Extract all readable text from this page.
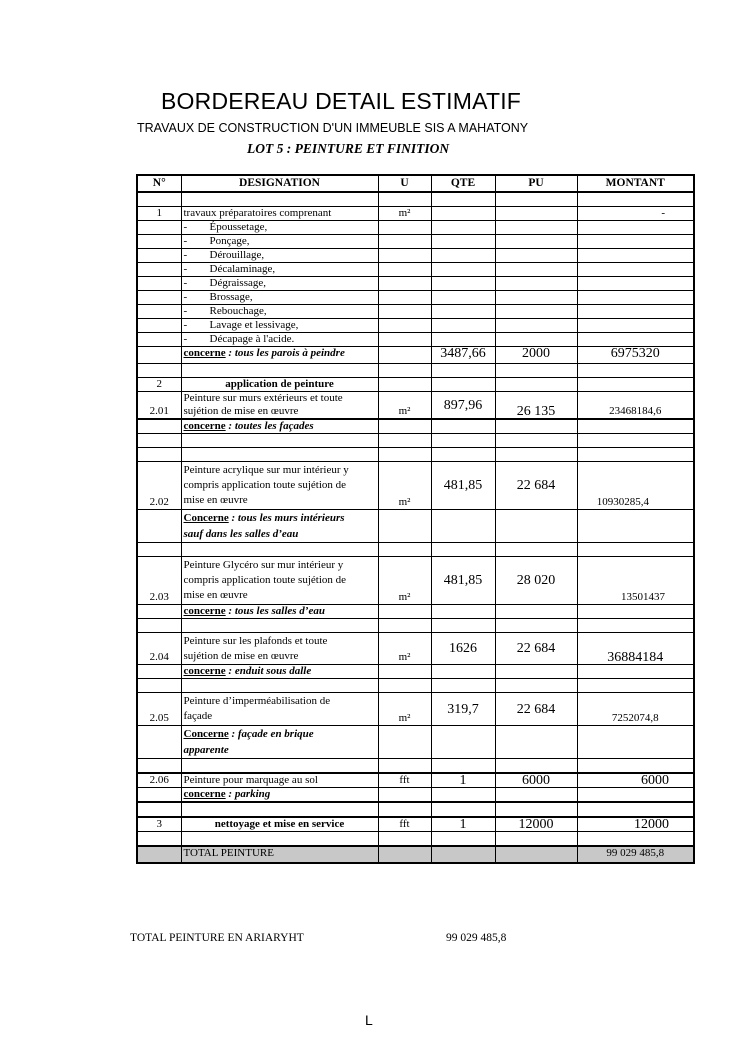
BORDEREAU DETAIL ESTIMATIF
TRAVAUX DE CONSTRUCTION D'UN IMMEUBLE SIS A MAHATONY
LOT 5 : PEINTURE ET FINITION
N°	DESIGNATION	U	QTE	PU	MONTANT

1	travaux préparatoires comprenant	m²			-
	- Époussetage,				
	- Ponçage,				
	- Dérouillage,				
	- Décalaminage,				
	- Dégraissage,				
	- Brossage,				
	- Rebouchage,				
	- Lavage et lessivage,				
	- Décapage à l'acide.				
	concerne : tous les parois à peindre		3487,66	2000	6975320

2	application de peinture				
2.01	Peinture sur murs extérieurs et toute
sujétion de mise en œuvre	m²	897,96	26 135	23468184,6
	concerne : toutes les façades				

2.02	Peinture acrylique sur mur intérieur y
compris application toute sujétion de
mise en œuvre	m²	481,85	22 684	10930285,4
	Concerne : tous les murs intérieurs
sauf dans les salles d’eau				

2.03	Peinture Glycéro sur mur intérieur y
compris application toute sujétion de
mise en œuvre	m²	481,85	28 020	13501437
	concerne : tous les salles d’eau				

2.04	Peinture sur les plafonds et toute
sujétion de mise en œuvre	m²	1626	22 684	36884184
	concerne : enduit sous dalle				

2.05	Peinture d’imperméabilisation de
façade	m²	319,7	22 684	7252074,8
	Concerne : façade en brique
apparente				

2.06	Peinture pour marquage au sol	fft	1	6000	6000
	concerne : parking				

3	nettoyage et mise en service	fft	1	12000	12000

	TOTAL PEINTURE				99 029 485,8
TOTAL PEINTURE EN ARIARYHT	99 029 485,8
L
